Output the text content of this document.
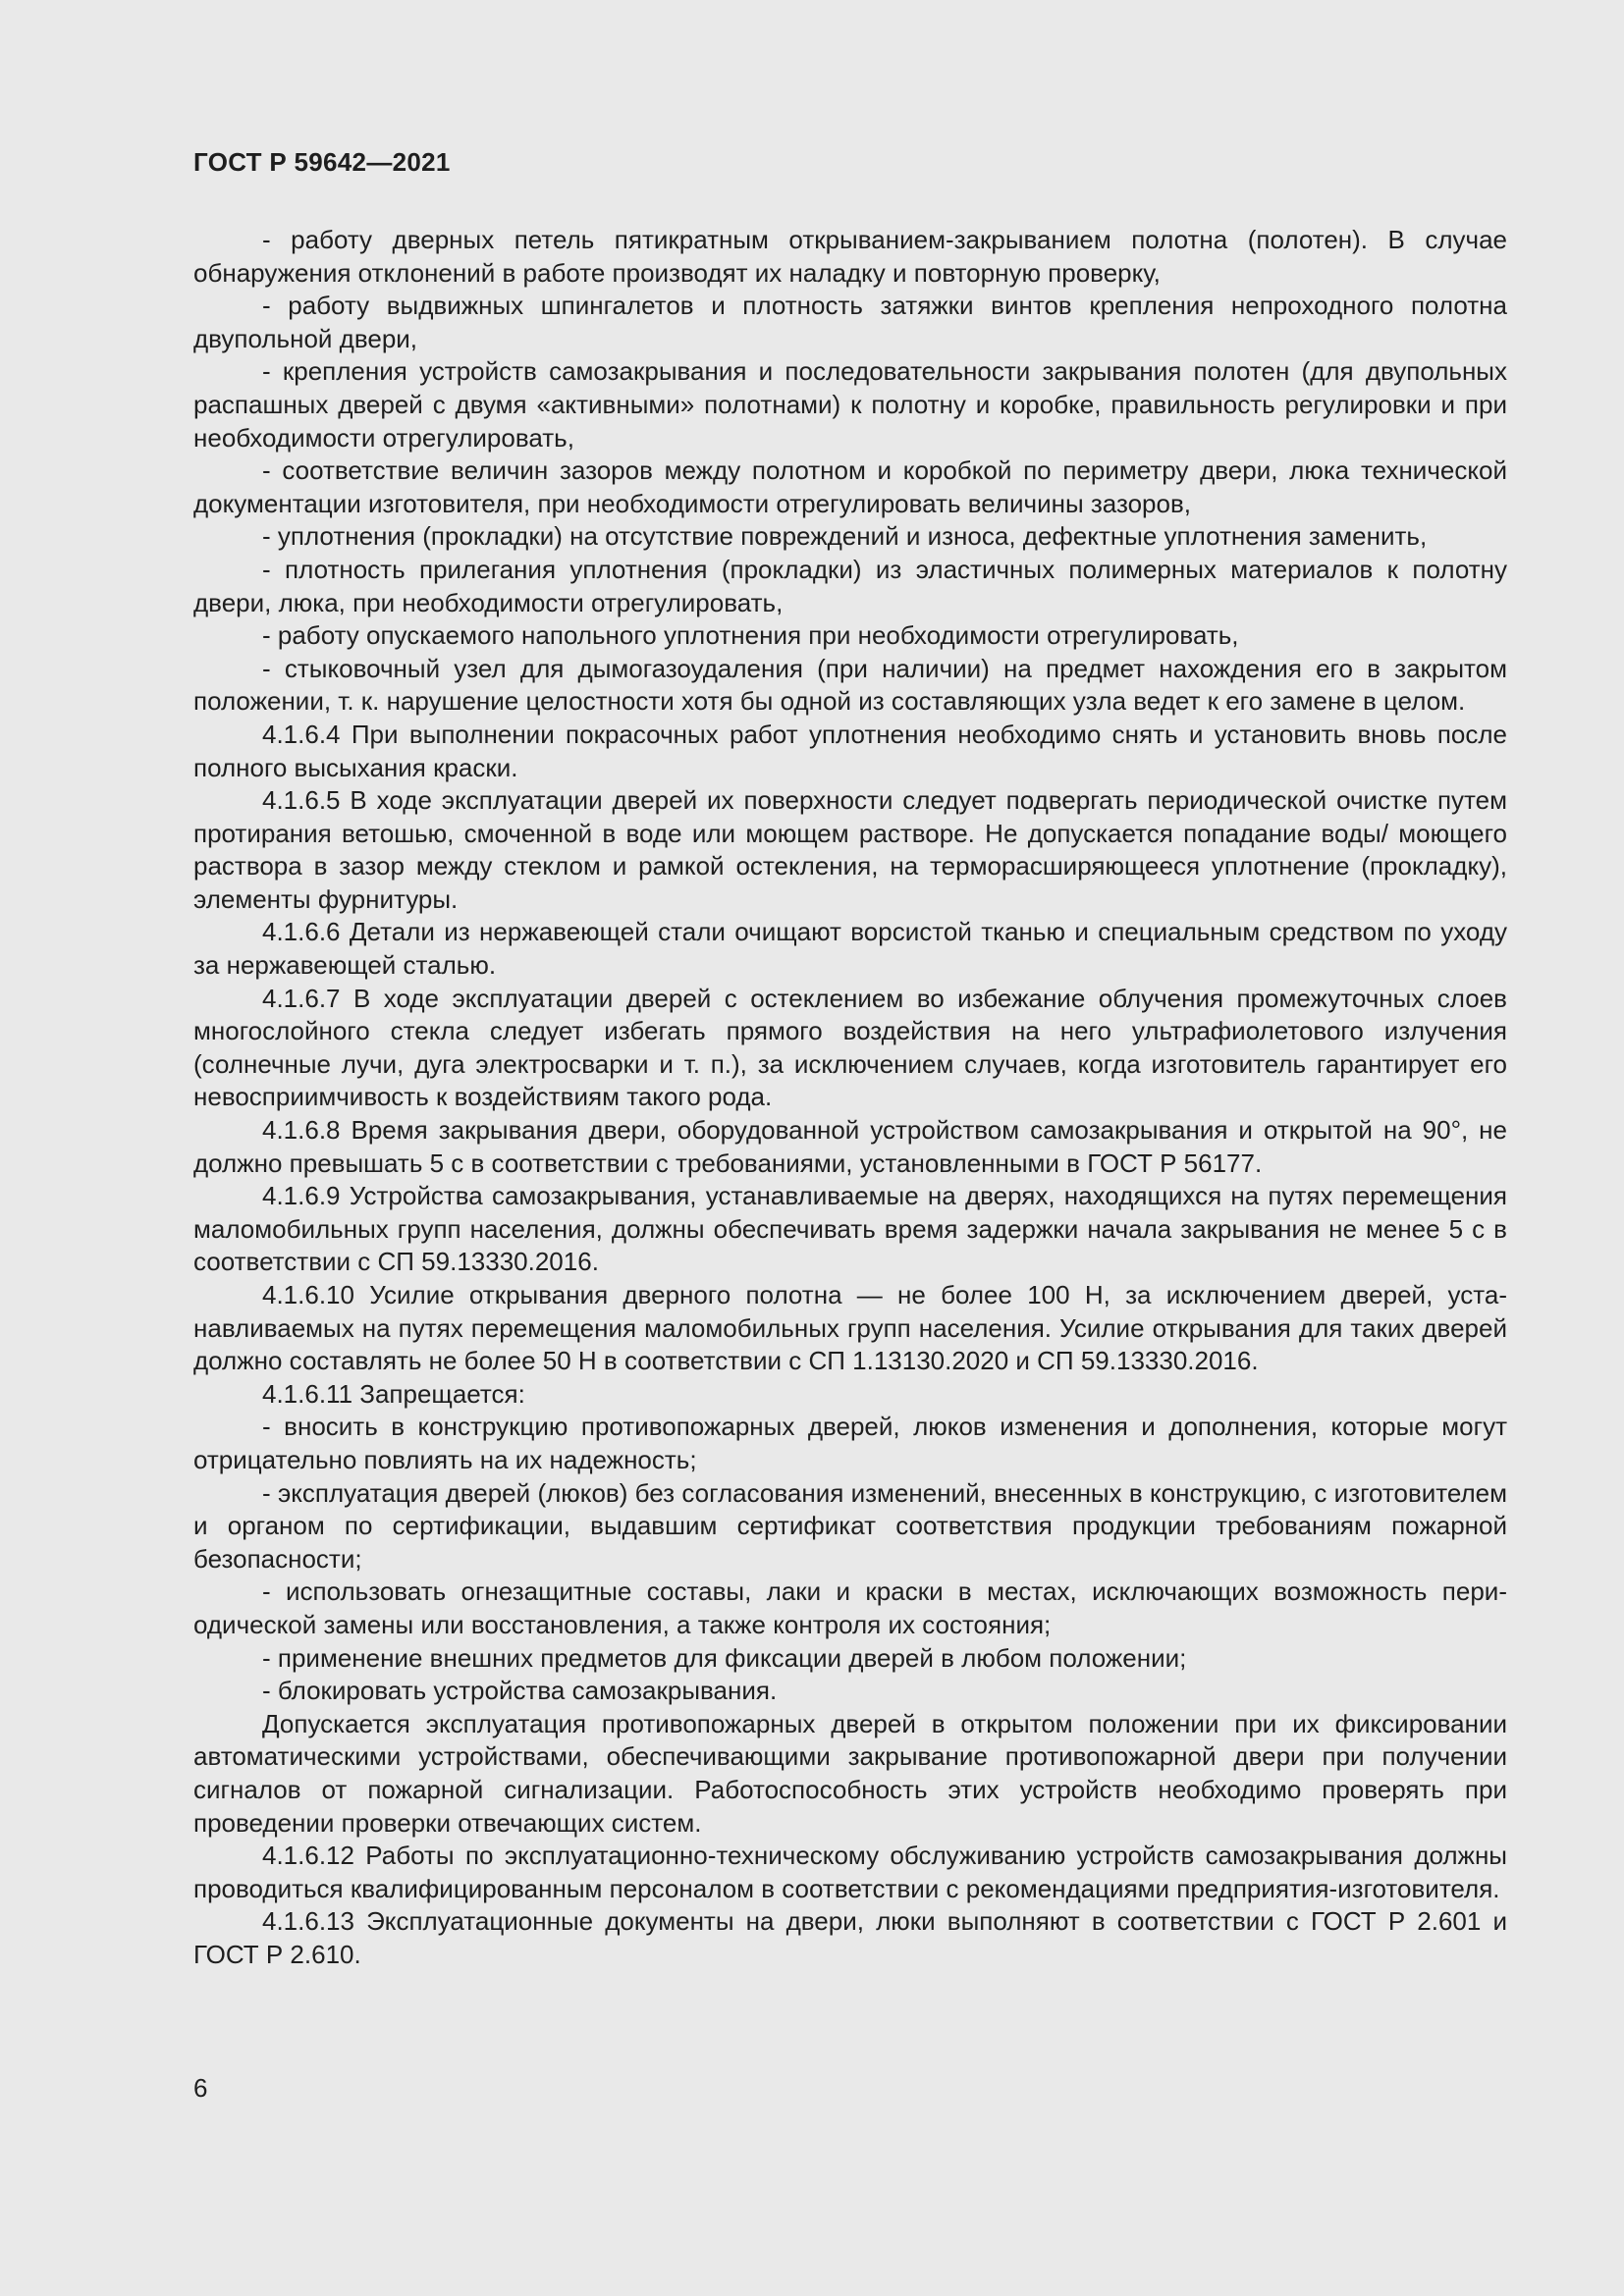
ГОСТ Р 59642—2021

- работу дверных петель пятикратным открыванием-закрыванием полотна (полотен). В случае обнаружения отклонений в работе производят их наладку и повторную проверку,

- работу выдвижных шпингалетов и плотность затяжки винтов крепления непроходного полотна двупольной двери,

- крепления устройств самозакрывания и последовательности закрывания полотен (для двупольных распашных дверей с двумя «активными» полотнами) к полотну и коробке, правильность регулировки и при необходимости отрегулировать,

- соответствие величин зазоров между полотном и коробкой по периметру двери, люка технической документации изготовителя, при необходимости отрегулировать величины зазоров,

- уплотнения (прокладки) на отсутствие повреждений и износа, дефектные уплотнения заменить,

- плотность прилегания уплотнения (прокладки) из эластичных полимерных материалов к полотну двери, люка, при необходимости отрегулировать,

- работу опускаемого напольного уплотнения при необходимости отрегулировать,

- стыковочный узел для дымогазоудаления (при наличии) на предмет нахождения его в закрытом положении, т. к. нарушение целостности хотя бы одной из составляющих узла ведет к его замене в целом.

4.1.6.4 При выполнении покрасочных работ уплотнения необходимо снять и установить вновь после полного высыхания краски.

4.1.6.5 В ходе эксплуатации дверей их поверхности следует подвергать периодической очистке путем протирания ветошью, смоченной в воде или моющем растворе. Не допускается попадание воды/ моющего раствора в зазор между стеклом и рамкой остекления, на терморасширяющееся уплотнение (прокладку), элементы фурнитуры.

4.1.6.6 Детали из нержавеющей стали очищают ворсистой тканью и специальным средством по уходу за нержавеющей сталью.

4.1.6.7 В ходе эксплуатации дверей с остеклением во избежание облучения промежуточных слоев многослойного стекла следует избегать прямого воздействия на него ультрафиолетового излучения (солнечные лучи, дуга электросварки и т. п.), за исключением случаев, когда изготовитель гарантирует его невосприимчивость к воздействиям такого рода.

4.1.6.8 Время закрывания двери, оборудованной устройством самозакрывания и открытой на 90°, не должно превышать 5 с в соответствии с требованиями, установленными в ГОСТ Р 56177.

4.1.6.9 Устройства самозакрывания, устанавливаемые на дверях, находящихся на путях перемещения маломобильных групп населения, должны обеспечивать время задержки начала закрывания не менее 5 с в соответствии с СП 59.13330.2016.

4.1.6.10 Усилие открывания дверного полотна — не более 100 Н, за исключением дверей, устанавливаемых на путях перемещения маломобильных групп населения. Усилие открывания для таких дверей должно составлять не более 50 Н в соответствии с СП 1.13130.2020 и СП 59.13330.2016.

4.1.6.11 Запрещается:

- вносить в конструкцию противопожарных дверей, люков изменения и дополнения, которые могут отрицательно повлиять на их надежность;

- эксплуатация дверей (люков) без согласования изменений, внесенных в конструкцию, с изготовителем и органом по сертификации, выдавшим сертификат соответствия продукции требованиям пожарной безопасности;

- использовать огнезащитные составы, лаки и краски в местах, исключающих возможность периодической замены или восстановления, а также контроля их состояния;

- применение внешних предметов для фиксации дверей в любом положении;

- блокировать устройства самозакрывания.

Допускается эксплуатация противопожарных дверей в открытом положении при их фиксировании автоматическими устройствами, обеспечивающими закрывание противопожарной двери при получении сигналов от пожарной сигнализации. Работоспособность этих устройств необходимо проверять при проведении проверки отвечающих систем.

4.1.6.12 Работы по эксплуатационно-техническому обслуживанию устройств самозакрывания должны проводиться квалифицированным персоналом в соответствии с рекомендациями предприятия-изготовителя.

4.1.6.13 Эксплуатационные документы на двери, люки выполняют в соответствии с ГОСТ Р 2.601 и ГОСТ Р 2.610.

6
